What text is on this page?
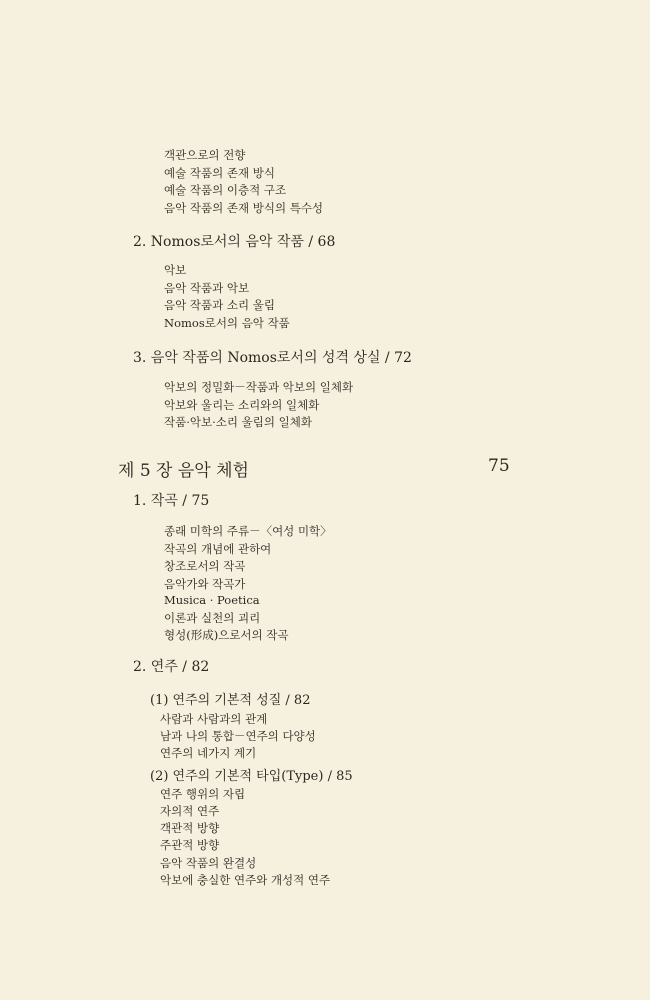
객관으로의 전향
예술 작품의 존재 방식
예술 작품의 이층적 구조
음악 작품의 존재 방식의 특수성
2. Nomos로서의 음악 작품 / 68
악보
음악 작품과 악보
음악 작품과 소리 울림
Nomos로서의 음악 작품
3. 음악 작품의 Nomos로서의 성격 상실 / 72
악보의 정밀화－작품과 악보의 일체화
악보와 울리는 소리와의 일체화
작품·악보·소리 울림의 일체화
제 5 장 음악 체험	75
1. 작곡 / 75
종래 미학의 주류－〈여성 미학〉
작곡의 개념에 관하여
창조로서의 작곡
음악가와 작곡가
Musica · Poetica
이론과 실천의 괴리
형성(形成)으로서의 작곡
2. 연주 / 82
(1) 연주의 기본적 성질 / 82
사람과 사람과의 관계
남과 나의 통합－연주의 다양성
연주의 네가지 계기
(2) 연주의 기본적 타입(Type) / 85
연주 행위의 자립
자의적 연주
객관적 방향
주관적 방향
음악 작품의 완결성
악보에 충실한 연주와 개성적 연주
